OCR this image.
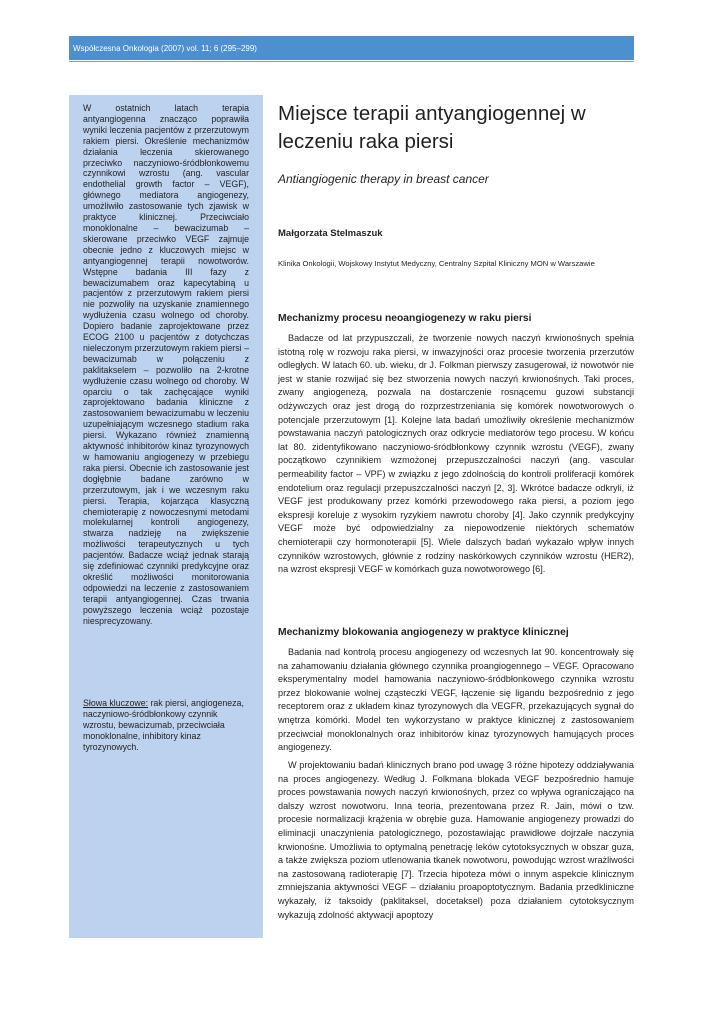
Współczesna Onkologia (2007) vol. 11; 6 (295–299)

W ostatnich latach terapia antyangiogenna znacząco poprawiła wyniki leczenia pacjentów z przerzutowym rakiem piersi. Określenie mechanizmów działania leczenia skierowanego przeciwko naczyniowo-śródbłonkowemu czynnikowi wzrostu (ang. vascular endothelial growth factor – VEGF), głównego mediatora angiogenezy, umożliwiło zastosowanie tych zjawisk w praktyce klinicznej. Przeciwciało monoklonalne – bewacizumab – skierowane przeciwko VEGF zajmuje obecnie jedno z kluczowych miejsc w antyangiogennej terapii nowotworów. Wstępne badania III fazy z bewacizumabem oraz kapecytabiną u pacjentów z przerzutowym rakiem piersi nie pozwoliły na uzyskanie znamiennego wydłużenia czasu wolnego od choroby. Dopiero badanie zaprojektowane przez ECOG 2100 u pacjentów z dotychczas nieleczonym przerzutowym rakiem piersi – bewacizumab w połączeniu z paklitakselem – pozwoliło na 2-krotne wydłużenie czasu wolnego od choroby. W oparciu o tak zachęcające wyniki zaprojektowano badania kliniczne z zastosowaniem bewacizumabu w leczeniu uzupełniającym wczesnego stadium raka piersi. Wykazano również znamienną aktywność inhibitorów kinaz tyrozynowych w hamowaniu angiogenezy w przebiegu raka piersi. Obecnie ich zastosowanie jest dogłębnie badane zarówno w przerzutowym, jak i we wczesnym raku piersi. Terapia, kojarząca klasyczną chemioterapię z nowoczesnymi metodami molekularnej kontroli angiogenezy, stwarza nadzieję na zwiększenie możliwości terapeutycznych u tych pacjentów. Badacze wciąż jednak starają się zdefiniować czynniki predykcyjne oraz określić możliwości monitorowania odpowiedzi na leczenie z zastosowaniem terapii antyangiogennej. Czas trwania powyższego leczenia wciąż pozostaje niesprecyzowany.

Słowa kluczowe: rak piersi, angiogeneza, naczyniowo-śródbłonkowy czynnik wzrostu, bewacizumab, przeciwciała monoklonalne, inhibitory kinaz tyrozynowych.

Miejsce terapii antyangiogennej w leczeniu raka piersi

Antiangiogenic therapy in breast cancer

Małgorzata Stelmaszuk

Klinika Onkologii, Wojskowy Instytut Medyczny, Centralny Szpital Kliniczny MON w Warszawie

Mechanizmy procesu neoangiogenezy w raku piersi

Badacze od lat przypuszczali, że tworzenie nowych naczyń krwionośnych spełnia istotną rolę w rozwoju raka piersi, w inwazyjności oraz procesie tworzenia przerzutów odległych. W latach 60. ub. wieku, dr J. Folkman pierwszy zasugerował, iż nowotwór nie jest w stanie rozwijać się bez stworzenia nowych naczyń krwionośnych. Taki proces, zwany angiogenezą, pozwala na dostarczenie rosnącemu guzowi substancji odżywczych oraz jest drogą do rozprzestrzeniania się komórek nowotworowych o potencjale przerzutowym [1]. Kolejne lata badań umożliwiły określenie mechanizmów powstawania naczyń patologicznych oraz odkrycie mediatorów tego procesu. W końcu lat 80. zidentyfikowano naczyniowo-śródbłonkowy czynnik wzrostu (VEGF), zwany początkowo czynnikiem wzmożonej przepuszczalności naczyń (ang. vascular permeability factor – VPF) w związku z jego zdolnością do kontroli proliferacji komórek endotelium oraz regulacji przepuszczalności naczyń [2, 3]. Wkrótce badacze odkryli, iż VEGF jest produkowany przez komórki przewodowego raka piersi, a poziom jego ekspresji koreluje z wysokim ryzykiem nawrotu choroby [4]. Jako czynnik predykcyjny VEGF może być odpowiedzialny za niepowodzenie niektórych schematów chemioterapii czy hormonoterapii [5]. Wiele dalszych badań wykazało wpływ innych czynników wzrostowych, głównie z rodziny naskórkowych czynników wzrostu (HER2), na wzrost ekspresji VEGF w komórkach guza nowotworowego [6].

Mechanizmy blokowania angiogenezy w praktyce klinicznej

Badania nad kontrolą procesu angiogenezy od wczesnych lat 90. koncentrowały się na zahamowaniu działania głównego czynnika proangiogennego – VEGF. Opracowano eksperymentalny model hamowania naczyniowo-śródbłonkowego czynnika wzrostu przez blokowanie wolnej cząsteczki VEGF, łączenie się ligandu bezpośrednio z jego receptorem oraz z układem kinaz tyrozynowych dla VEGFR, przekazujących sygnał do wnętrza komórki. Model ten wykorzystano w praktyce klinicznej z zastosowaniem przeciwciał monoklonalnych oraz inhibitorów kinaz tyrozynowych hamujących proces angiogenezy.

W projektowaniu badań klinicznych brano pod uwagę 3 różne hipotezy oddziaływania na proces angiogenezy. Według J. Folkmana blokada VEGF bezpośrednio hamuje proces powstawania nowych naczyń krwionośnych, przez co wpływa ograniczająco na dalszy wzrost nowotworu. Inna teoria, prezentowana przez R. Jain, mówi o tzw. procesie normalizacji krążenia w obrębie guza. Hamowanie angiogenezy prowadzi do eliminacji unaczynienia patologicznego, pozostawiając prawidłowe dojrzałe naczynia krwionośne. Umożliwia to optymalną penetrację leków cytotoksycznych w obszar guza, a także zwiększa poziom utlenowania tkanek nowotworu, powodując wzrost wrażliwości na zastosowaną radioterapię [7]. Trzecia hipoteza mówi o innym aspekcie klinicznym zmniejszania aktywności VEGF – działaniu proapoptotycznym. Badania przedkliniczne wykazały, iż taksoidy (paklitaksel, docetaksel) poza działaniem cytotoksycznym wykazują zdolność aktywacji apoptozy
